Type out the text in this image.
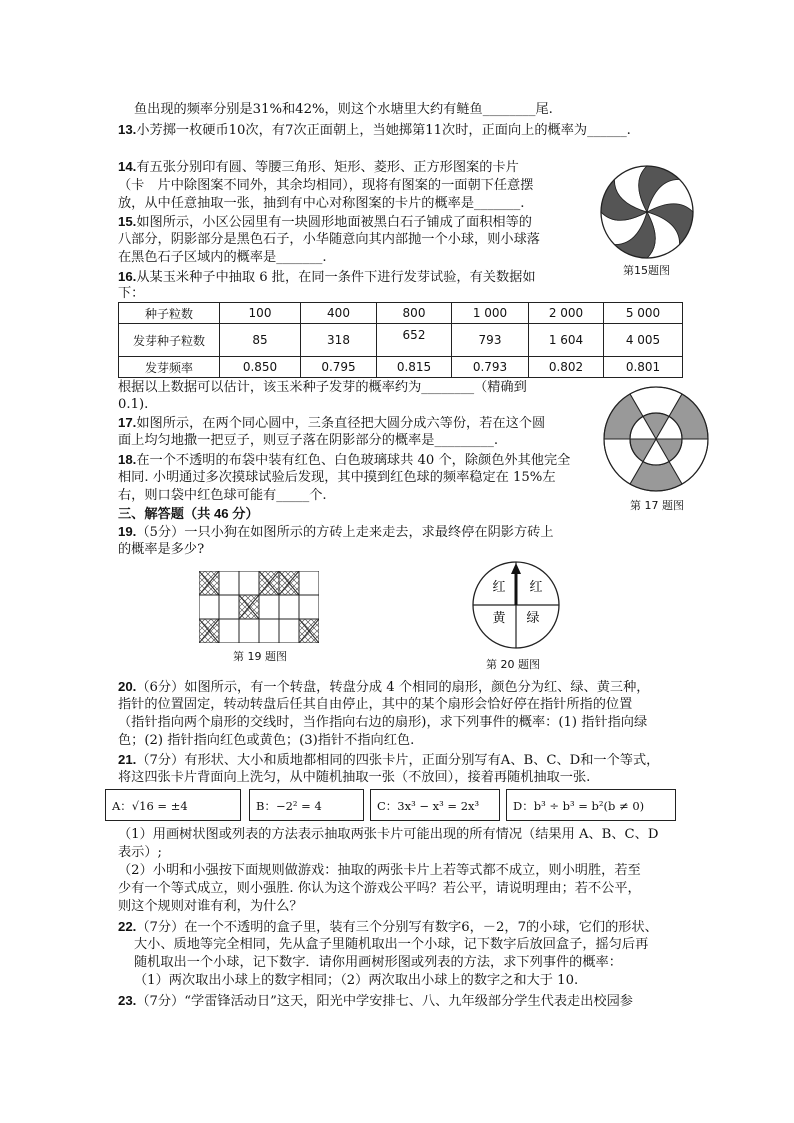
鱼出现的频率分别是31%和42%，则这个水塘里大约有鲢鱼________尾.
13.小芳掷一枚硬币10次，有7次正面朝上，当她掷第11次时，正面向上的概率为______.
14.有五张分别印有圆、等腰三角形、矩形、菱形、正方形图案的卡片
（卡　片中除图案不同外，其余均相同），现将有图案的一面朝下任意摆
放，从中任意抽取一张，抽到有中心对称图案的卡片的概率是_______.
15.如图所示，小区公园里有一块圆形地面被黑白石子铺成了面积相等的
八部分，阴影部分是黑色石子，小华随意向其内部抛一个小球，则小球落
在黑色石子区域内的概率是_______.
第15题图
16.从某玉米种子中抽取 6 批，在同一条件下进行发芽试验，有关数据如
下：
种子粒数	100	400	800	1 000	2 000	5 000
发芽种子粒数	85	318	652	793	1 604	4 005
发芽频率	0.850	0.795	0.815	0.793	0.802	0.801
根据以上数据可以估计，该玉米种子发芽的概率约为________（精确到
0.1).
17.如图所示，在两个同心圆中，三条直径把大圆分成六等份，若在这个圆
面上均匀地撒一把豆子，则豆子落在阴影部分的概率是_________.
第 17 题图
18.在一个不透明的布袋中装有红色、白色玻璃球共 40 个，除颜色外其他完全
相同. 小明通过多次摸球试验后发现，其中摸到红色球的频率稳定在 15%左
右，则口袋中红色球可能有_____个.
三、解答题（共 46 分）
19.（5分）一只小狗在如图所示的方砖上走来走去，求最终停在阴影方砖上
的概率是多少?
第 19 题图
红 红
黄 绿
第 20 题图
20.（6分）如图所示，有一个转盘，转盘分成 4 个相同的扇形，颜色分为红、绿、黄三种，
指针的位置固定，转动转盘后任其自由停止，其中的某个扇形会恰好停在指针所指的位置
（指针指向两个扇形的交线时，当作指向右边的扇形)，求下列事件的概率：(1) 指针指向绿
色；(2) 指针指向红色或黄色；(3)指针不指向红色.
21.（7分）有形状、大小和质地都相同的四张卡片，正面分别写有A、B、C、D和一个等式，
将这四张卡片背面向上洗匀，从中随机抽取一张（不放回），接着再随机抽取一张.
A：√16 = ±4	B：−2² = 4	C：3x³ − x³ = 2x³	D：b³ ÷ b³ = b²(b ≠ 0)
（1）用画树状图或列表的方法表示抽取两张卡片可能出现的所有情况（结果用 A、B、C、D
表示）;
（2）小明和小强按下面规则做游戏：抽取的两张卡片上若等式都不成立，则小明胜，若至
少有一个等式成立，则小强胜. 你认为这个游戏公平吗？若公平，请说明理由；若不公平，
则这个规则对谁有利，为什么？
22.（7分）在一个不透明的盒子里，装有三个分别写有数字6，－2，7的小球，它们的形状、
大小、质地等完全相同，先从盒子里随机取出一个小球，记下数字后放回盒子，摇匀后再
随机取出一个小球，记下数字．请你用画树形图或列表的方法，求下列事件的概率：
（1）两次取出小球上的数字相同；（2）两次取出小球上的数字之和大于 10.
23.（7分）“学雷锋活动日”这天，阳光中学安排七、八、九年级部分学生代表走出校园参
